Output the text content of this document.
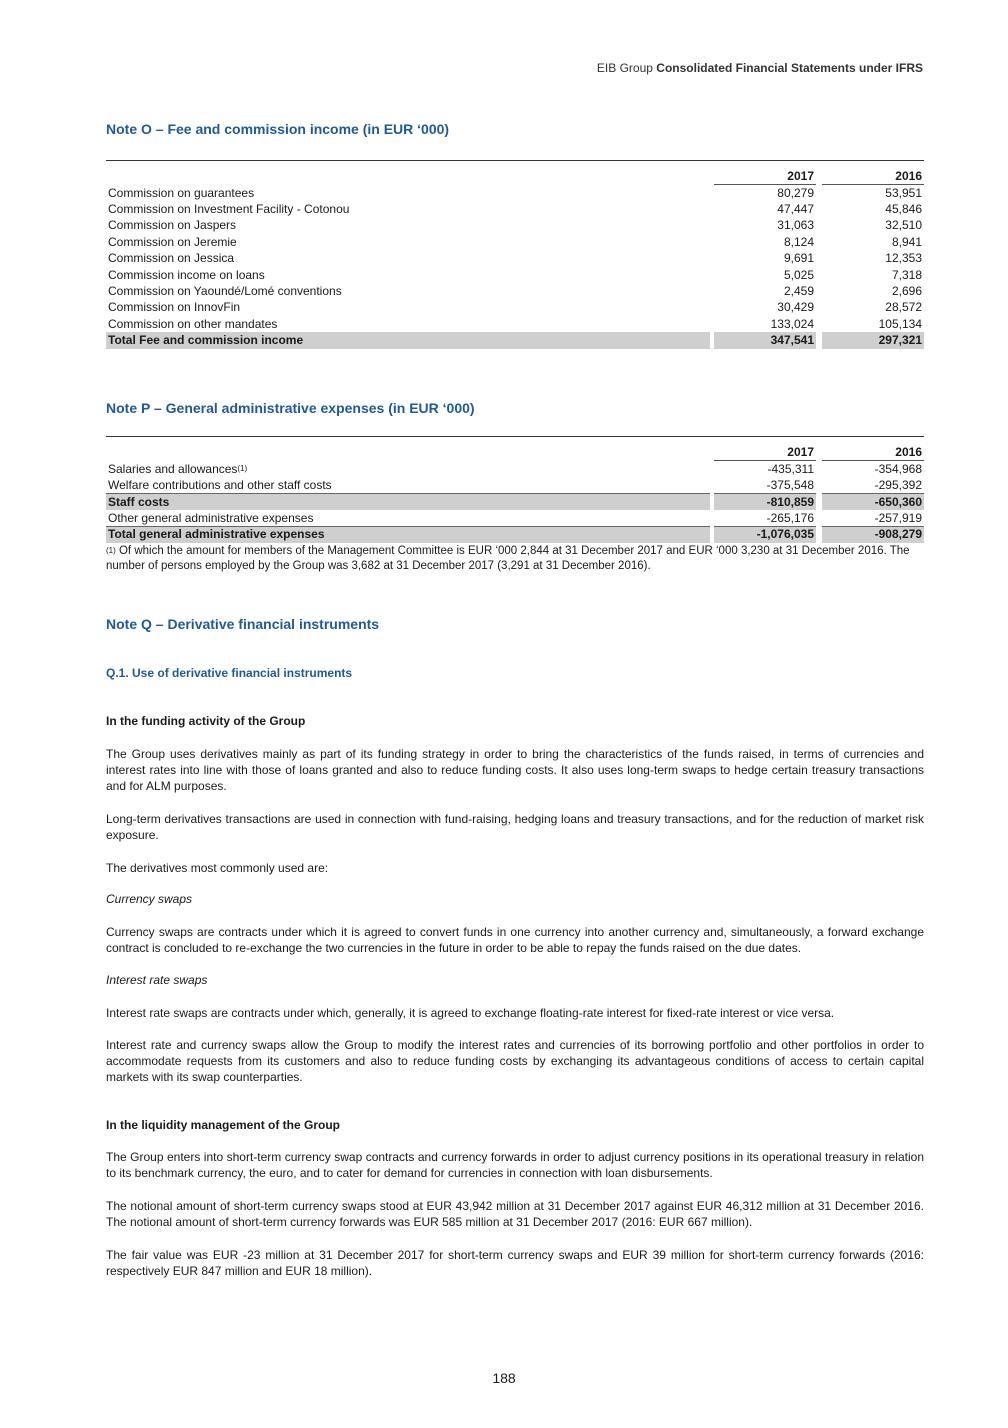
EIB Group Consolidated Financial Statements under IFRS
Note O – Fee and commission income (in EUR ‘000)

		2017		2016
Commission on guarantees		80,279		53,951
Commission on Investment Facility - Cotonou		47,447		45,846
Commission on Jaspers		31,063		32,510
Commission on Jeremie		8,124		8,941
Commission on Jessica		9,691		12,353
Commission income on loans		5,025		7,318
Commission on Yaoundé/Lomé conventions		2,459		2,696
Commission on InnovFin		30,429		28,572
Commission on other mandates		133,024		105,134
Total Fee and commission income		347,541		297,321
Note P – General administrative expenses (in EUR ‘000)

		2017		2016
Salaries and allowances$^{(1)}$		-435,311		-354,968
Welfare contributions and other staff costs		-375,548		-295,392
Staff costs		-810,859		-650,360
Other general administrative expenses		-265,176		-257,919
Total general administrative expenses		-1,076,035		-908,279
$^{(1)}$ Of which the amount for members of the Management Committee is EUR ‘000 2,844 at 31 December 2017 and EUR ‘000 3,230 at 31 December 2016. The number of persons employed by the Group was 3,682 at 31 December 2017 (3,291 at 31 December 2016).
Note Q – Derivative financial instruments
Q.1. Use of derivative financial instruments
In the funding activity of the Group
The Group uses derivatives mainly as part of its funding strategy in order to bring the characteristics of the funds raised, in terms of currencies and interest rates into line with those of loans granted and also to reduce funding costs. It also uses long-term swaps to hedge certain treasury transactions and for ALM purposes.
Long-term derivatives transactions are used in connection with fund-raising, hedging loans and treasury transactions, and for the reduction of market risk exposure.
The derivatives most commonly used are:
Currency swaps
Currency swaps are contracts under which it is agreed to convert funds in one currency into another currency and, simultaneously, a forward exchange contract is concluded to re-exchange the two currencies in the future in order to be able to repay the funds raised on the due dates.
Interest rate swaps
Interest rate swaps are contracts under which, generally, it is agreed to exchange floating-rate interest for fixed-rate interest or vice versa.
Interest rate and currency swaps allow the Group to modify the interest rates and currencies of its borrowing portfolio and other portfolios in order to accommodate requests from its customers and also to reduce funding costs by exchanging its advantageous conditions of access to certain capital markets with its swap counterparties.
In the liquidity management of the Group
The Group enters into short-term currency swap contracts and currency forwards in order to adjust currency positions in its operational treasury in relation to its benchmark currency, the euro, and to cater for demand for currencies in connection with loan disbursements.
The notional amount of short-term currency swaps stood at EUR 43,942 million at 31 December 2017 against EUR 46,312 million at 31 December 2016. The notional amount of short-term currency forwards was EUR 585 million at 31 December 2017 (2016: EUR 667 million).
The fair value was EUR -23 million at 31 December 2017 for short-term currency swaps and EUR 39 million for short-term currency forwards (2016: respectively EUR 847 million and EUR 18 million).
188
